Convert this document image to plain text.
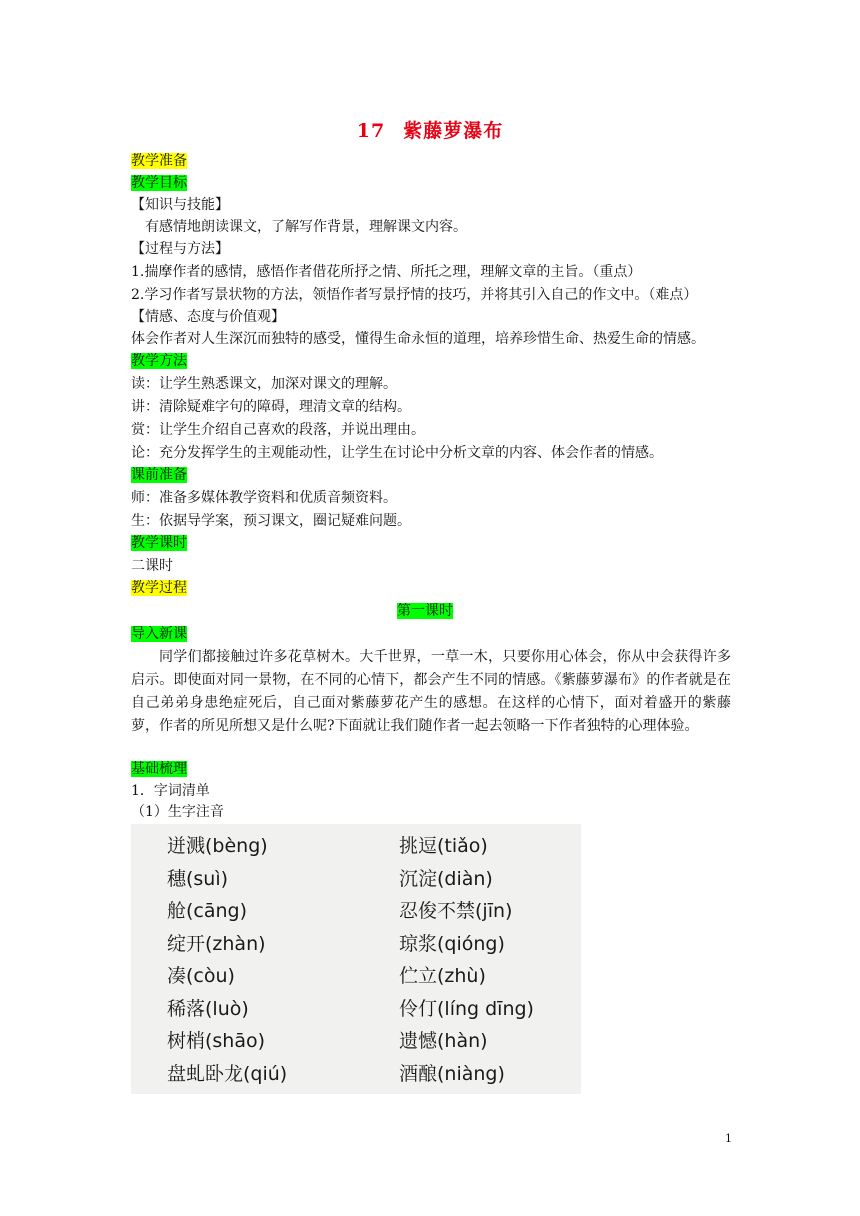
17 紫藤萝瀑布
教学准备
教学目标
【知识与技能】
有感情地朗读课文，了解写作背景，理解课文内容。
【过程与方法】
1.揣摩作者的感情，感悟作者借花所抒之情、所托之理，理解文章的主旨。（重点）
2.学习作者写景状物的方法，领悟作者写景抒情的技巧，并将其引入自己的作文中。（难点）
【情感、态度与价值观】
体会作者对人生深沉而独特的感受，懂得生命永恒的道理，培养珍惜生命、热爱生命的情感。
教学方法
读：让学生熟悉课文，加深对课文的理解。
讲：清除疑难字句的障碍，理清文章的结构。
赏：让学生介绍自己喜欢的段落，并说出理由。
论：充分发挥学生的主观能动性，让学生在讨论中分析文章的内容、体会作者的情感。
课前准备
师：准备多媒体教学资料和优质音频资料。
生：依据导学案，预习课文，圈记疑难问题。
教学课时
二课时
教学过程
第一课时
导入新课
同学们都接触过许多花草树木。大千世界，一草一木，只要你用心体会，你从中会获得许多启示。即使面对同一景物，在不同的心情下，都会产生不同的情感。《紫藤萝瀑布》的作者就是在自己弟弟身患绝症死后，自己面对紫藤萝花产生的感想。在这样的心情下，面对着盛开的紫藤萝，作者的所见所想又是什么呢?下面就让我们随作者一起去领略一下作者独特的心理体验。
基础梳理
1．字词清单
（1）生字注音
迸溅(bèng)
穗(suì)
舱(cāng)
绽开(zhàn)
凑(còu)
稀落(luò)
树梢(shāo)
盘虬卧龙(qiú)
挑逗(tiǎo)
沉淀(diàn)
忍俊不禁(jīn)
琼浆(qióng)
伫立(zhù)
伶仃(líng dīng)
遗憾(hàn)
酒酿(niàng)
1
